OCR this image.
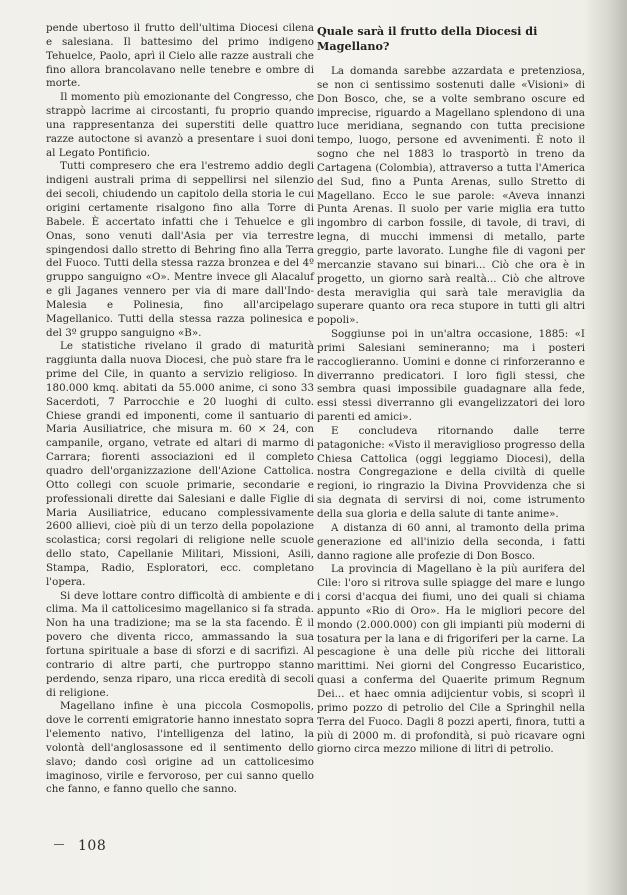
pende ubertoso il frutto dell'ultima Diocesi cilena e salesiana. Il battesimo del primo indigeno Tehuelce, Paolo, aprì il Cielo alle razze australi che fino allora brancolavano nelle tenebre e ombre di morte.

Il momento più emozionante del Congresso, che strappò lacrime ai circostanti, fu proprio quando una rappresentanza dei superstiti delle quattro razze autoctone si avanzò a presentare i suoi doni al Legato Pontificio.

Tutti compresero che era l'estremo addio degli indigeni australi prima di seppellirsi nel silenzio dei secoli, chiudendo un capitolo della storia le cui origini certamente risalgono fino alla Torre di Babele. È accertato infatti che i Tehuelce e gli Onas, sono venuti dall'Asia per via terrestre spingendosi dallo stretto di Behring fino alla Terra del Fuoco. Tutti della stessa razza bronzea e del 4º gruppo sanguigno «O». Mentre invece gli Alacaluf e gli Jaganes vennero per via di mare dall'Indo-Malesia e Polinesia, fino all'arcipelago Magellanico. Tutti della stessa razza polinesica e del 3º gruppo sanguigno «B».

Le statistiche rivelano il grado di maturità raggiunta dalla nuova Diocesi, che può stare fra le prime del Cile, in quanto a servizio religioso. In 180.000 kmq. abitati da 55.000 anime, ci sono 33 Sacerdoti, 7 Parrocchie e 20 luoghi di culto. Chiese grandi ed imponenti, come il santuario di Maria Ausiliatrice, che misura m. 60 × 24, con campanile, organo, vetrate ed altari di marmo di Carrara; fiorenti associazioni ed il completo quadro dell'organizzazione dell'Azione Cattolica. Otto collegi con scuole primarie, secondarie e professionali dirette dai Salesiani e dalle Figlie di Maria Ausiliatrice, educano complessivamente 2600 allievi, cioè più di un terzo della popolazione scolastica; corsi regolari di religione nelle scuole dello stato, Capellanie Militari, Missioni, Asili, Stampa, Radio, Esploratori, ecc. completano l'opera.

Si deve lottare contro difficoltà di ambiente e di clima. Ma il cattolicesimo magellanico si fa strada. Non ha una tradizione; ma se la sta facendo. È il povero che diventa ricco, ammassando la sua fortuna spirituale a base di sforzi e di sacrifizi. Al contrario di altre parti, che purtroppo stanno perdendo, senza riparo, una ricca eredità di secoli di religione.

Magellano infine è una piccola Cosmopolis, dove le correnti emigratorie hanno innestato sopra l'elemento nativo, l'intelligenza del latino, la volontà dell'anglosassone ed il sentimento dello slavo; dando così origine ad un cattolicesimo imaginoso, virile e fervoroso, per cui sanno quello che fanno, e fanno quello che sanno.

Quale sarà il frutto della Diocesi di Magellano?

La domanda sarebbe azzardata e pretenziosa, se non ci sentissimo sostenuti dalle «Visioni» di Don Bosco, che, se a volte sembrano oscure ed imprecise, riguardo a Magellano splendono di una luce meridiana, segnando con tutta precisione tempo, luogo, persone ed avvenimenti. È noto il sogno che nel 1883 lo trasportò in treno da Cartagena (Colombia), attraverso a tutta l'America del Sud, fino a Punta Arenas, sullo Stretto di Magellano. Ecco le sue parole: «Aveva innanzi Punta Arenas. Il suolo per varie miglia era tutto ingombro di carbon fossile, di tavole, di travi, di legna, di mucchi immensi di metallo, parte greggio, parte lavorato. Lunghe file di vagoni per mercanzie stavano sui binari... Ciò che ora è in progetto, un giorno sarà realtà... Ciò che altrove desta meraviglia qui sarà tale meraviglia da superare quanto ora reca stupore in tutti gli altri popoli».

Soggiunse poi in un'altra occasione, 1885: «I primi Salesiani semineranno; ma i posteri raccoglieranno. Uomini e donne ci rinforzeranno e diverranno predicatori. I loro figli stessi, che sembra quasi impossibile guadagnare alla fede, essi stessi diverranno gli evangelizzatori dei loro parenti ed amici».

E concludeva ritornando dalle terre patagoniche: «Visto il meraviglioso progresso della Chiesa Cattolica (oggi leggiamo Diocesi), della nostra Congregazione e della civiltà di quelle regioni, io ringrazio la Divina Provvidenza che si sia degnata di servirsi di noi, come istrumento della sua gloria e della salute di tante anime».

A distanza di 60 anni, al tramonto della prima generazione ed all'inizio della seconda, i fatti danno ragione alle profezie di Don Bosco.

La provincia di Magellano è la più aurifera del Cile: l'oro si ritrova sulle spiagge del mare e lungo i corsi d'acqua dei fiumi, uno dei quali si chiama appunto «Rio di Oro». Ha le migliori pecore del mondo (2.000.000) con gli impianti più moderni di tosatura per la lana e di frigoriferi per la carne. La pescagione è una delle più ricche dei littorali marittimi. Nei giorni del Congresso Eucaristico, quasi a conferma del Quaerite primum Regnum Dei... et haec omnia adijcientur vobis, si scoprì il primo pozzo di petrolio del Cile a Springhil nella Terra del Fuoco. Dagli 8 pozzi aperti, finora, tutti a più di 2000 m. di profondità, si può ricavare ogni giorno circa mezzo milione di litri di petrolio.

108
